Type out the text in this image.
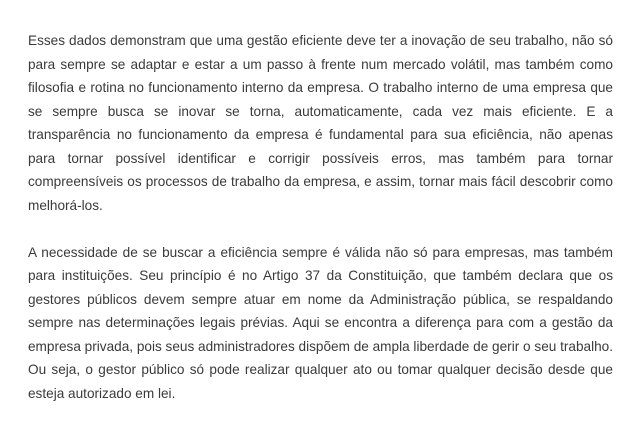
Esses dados demonstram que uma gestão eficiente deve ter a inovação de seu trabalho, não só para sempre se adaptar e estar a um passo à frente num mercado volátil, mas também como filosofia e rotina no funcionamento interno da empresa. O trabalho interno de uma empresa que se sempre busca se inovar se torna, automaticamente, cada vez mais eficiente. E a transparência no funcionamento da empresa é fundamental para sua eficiência, não apenas para tornar possível identificar e corrigir possíveis erros, mas também para tornar compreensíveis os processos de trabalho da empresa, e assim, tornar mais fácil descobrir como melhorá-los.

A necessidade de se buscar a eficiência sempre é válida não só para empresas, mas também para instituições. Seu princípio é no Artigo 37 da Constituição, que também declara que os gestores públicos devem sempre atuar em nome da Administração pública, se respaldando sempre nas determinações legais prévias. Aqui se encontra a diferença para com a gestão da empresa privada, pois seus administradores dispõem de ampla liberdade de gerir o seu trabalho. Ou seja, o gestor público só pode realizar qualquer ato ou tomar qualquer decisão desde que esteja autorizado em lei.
